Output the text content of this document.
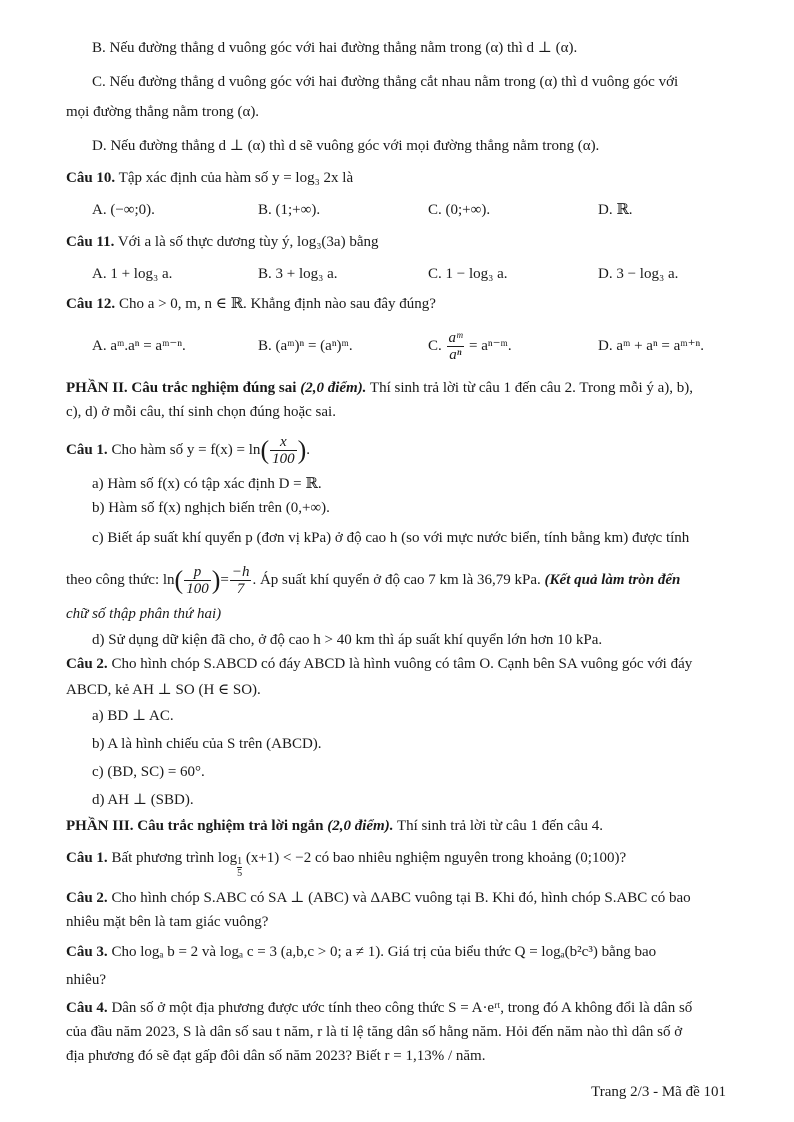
B. Nếu đường thẳng d vuông góc với hai đường thẳng nằm trong (α) thì d ⊥ (α).
C. Nếu đường thẳng d vuông góc với hai đường thẳng cắt nhau nằm trong (α) thì d vuông góc với
mọi đường thẳng nằm trong (α).
D. Nếu đường thẳng d ⊥ (α) thì d sẽ vuông góc với mọi đường thẳng nằm trong (α).
Câu 10. Tập xác định của hàm số y = log₃ 2x là
A. (−∞;0).	B. (1;+∞).	C. (0;+∞).	D. ℝ.
Câu 11. Với a là số thực dương tùy ý, log₃(3a) bằng
A. 1 + log₃ a.	B. 3 + log₃ a.	C. 1 − log₃ a.	D. 3 − log₃ a.
Câu 12. Cho a > 0, m, n ∈ ℝ. Khẳng định nào sau đây đúng?
A. aᵐ.aⁿ = aᵐ⁻ⁿ.	B. (aᵐ)ⁿ = (aⁿ)ᵐ.	C. $\frac{\text{aᵐ}}{\text{aⁿ}}$ = aⁿ⁻ᵐ.	D. aᵐ + aⁿ = aᵐ⁺ⁿ.
PHẦN II. Câu trắc nghiệm đúng sai (2,0 điểm). Thí sinh trả lời từ câu 1 đến câu 2. Trong mỗi ý a), b),
c), d) ở mỗi câu, thí sinh chọn đúng hoặc sai.
Câu 1. Cho hàm số $y = f(x) = \ln( \frac{x}{100}$ ).
a) Hàm số f(x) có tập xác định D = ℝ.
b) Hàm số f(x) nghịch biến trên (0,+∞).
c) Biết áp suất khí quyển p (đơn vị kPa) ở độ cao h (so với mực nước biển, tính bằng km) được tính
theo công thức: $\ln( \frac{p}{100}$ )= $\frac{-h}{7}$ . Áp suất khí quyển ở độ cao 7 km là 36,79 kPa. (Kết quả làm tròn đến
chữ số thập phân thứ hai)
d) Sử dụng dữ kiện đã cho, ở độ cao h > 40 km thì áp suất khí quyển lớn hơn 10 kPa.
Câu 2. Cho hình chóp S.ABCD có đáy ABCD là hình vuông có tâm O. Cạnh bên SA vuông góc với đáy
ABCD, kẻ AH ⊥ SO (H ∈ SO).
a) BD ⊥ AC.
b) A là hình chiếu của S trên (ABCD).
c) (BD, SC) = 60°.
d) AH ⊥ (SBD).
PHẦN III. Câu trắc nghiệm trả lời ngắn (2,0 điểm). Thí sinh trả lời từ câu 1 đến câu 4.
Câu 1. Bất phương trình $\log \frac{1}{5} (x+1) < -2$ có bao nhiêu nghiệm nguyên trong khoảng (0;100)?
Câu 2. Cho hình chóp S.ABC có SA ⊥ (ABC) và ΔABC vuông tại B. Khi đó, hình chóp S.ABC có bao
nhiêu mặt bên là tam giác vuông?
Câu 3. Cho logₐ b = 2 và logₐ c = 3 (a,b,c > 0; a ≠ 1). Giá trị của biểu thức Q = logₐ(b²c³) bằng bao
nhiêu?
Câu 4. Dân số ở một địa phương được ước tính theo công thức S = A·eʳᵗ, trong đó A không đổi là dân số
của đầu năm 2023, S là dân số sau t năm, r là tỉ lệ tăng dân số hằng năm. Hỏi đến năm nào thì dân số ở
địa phương đó sẽ đạt gấp đôi dân số năm 2023? Biết r = 1,13% / năm.
Trang 2/3 - Mã đề 101
